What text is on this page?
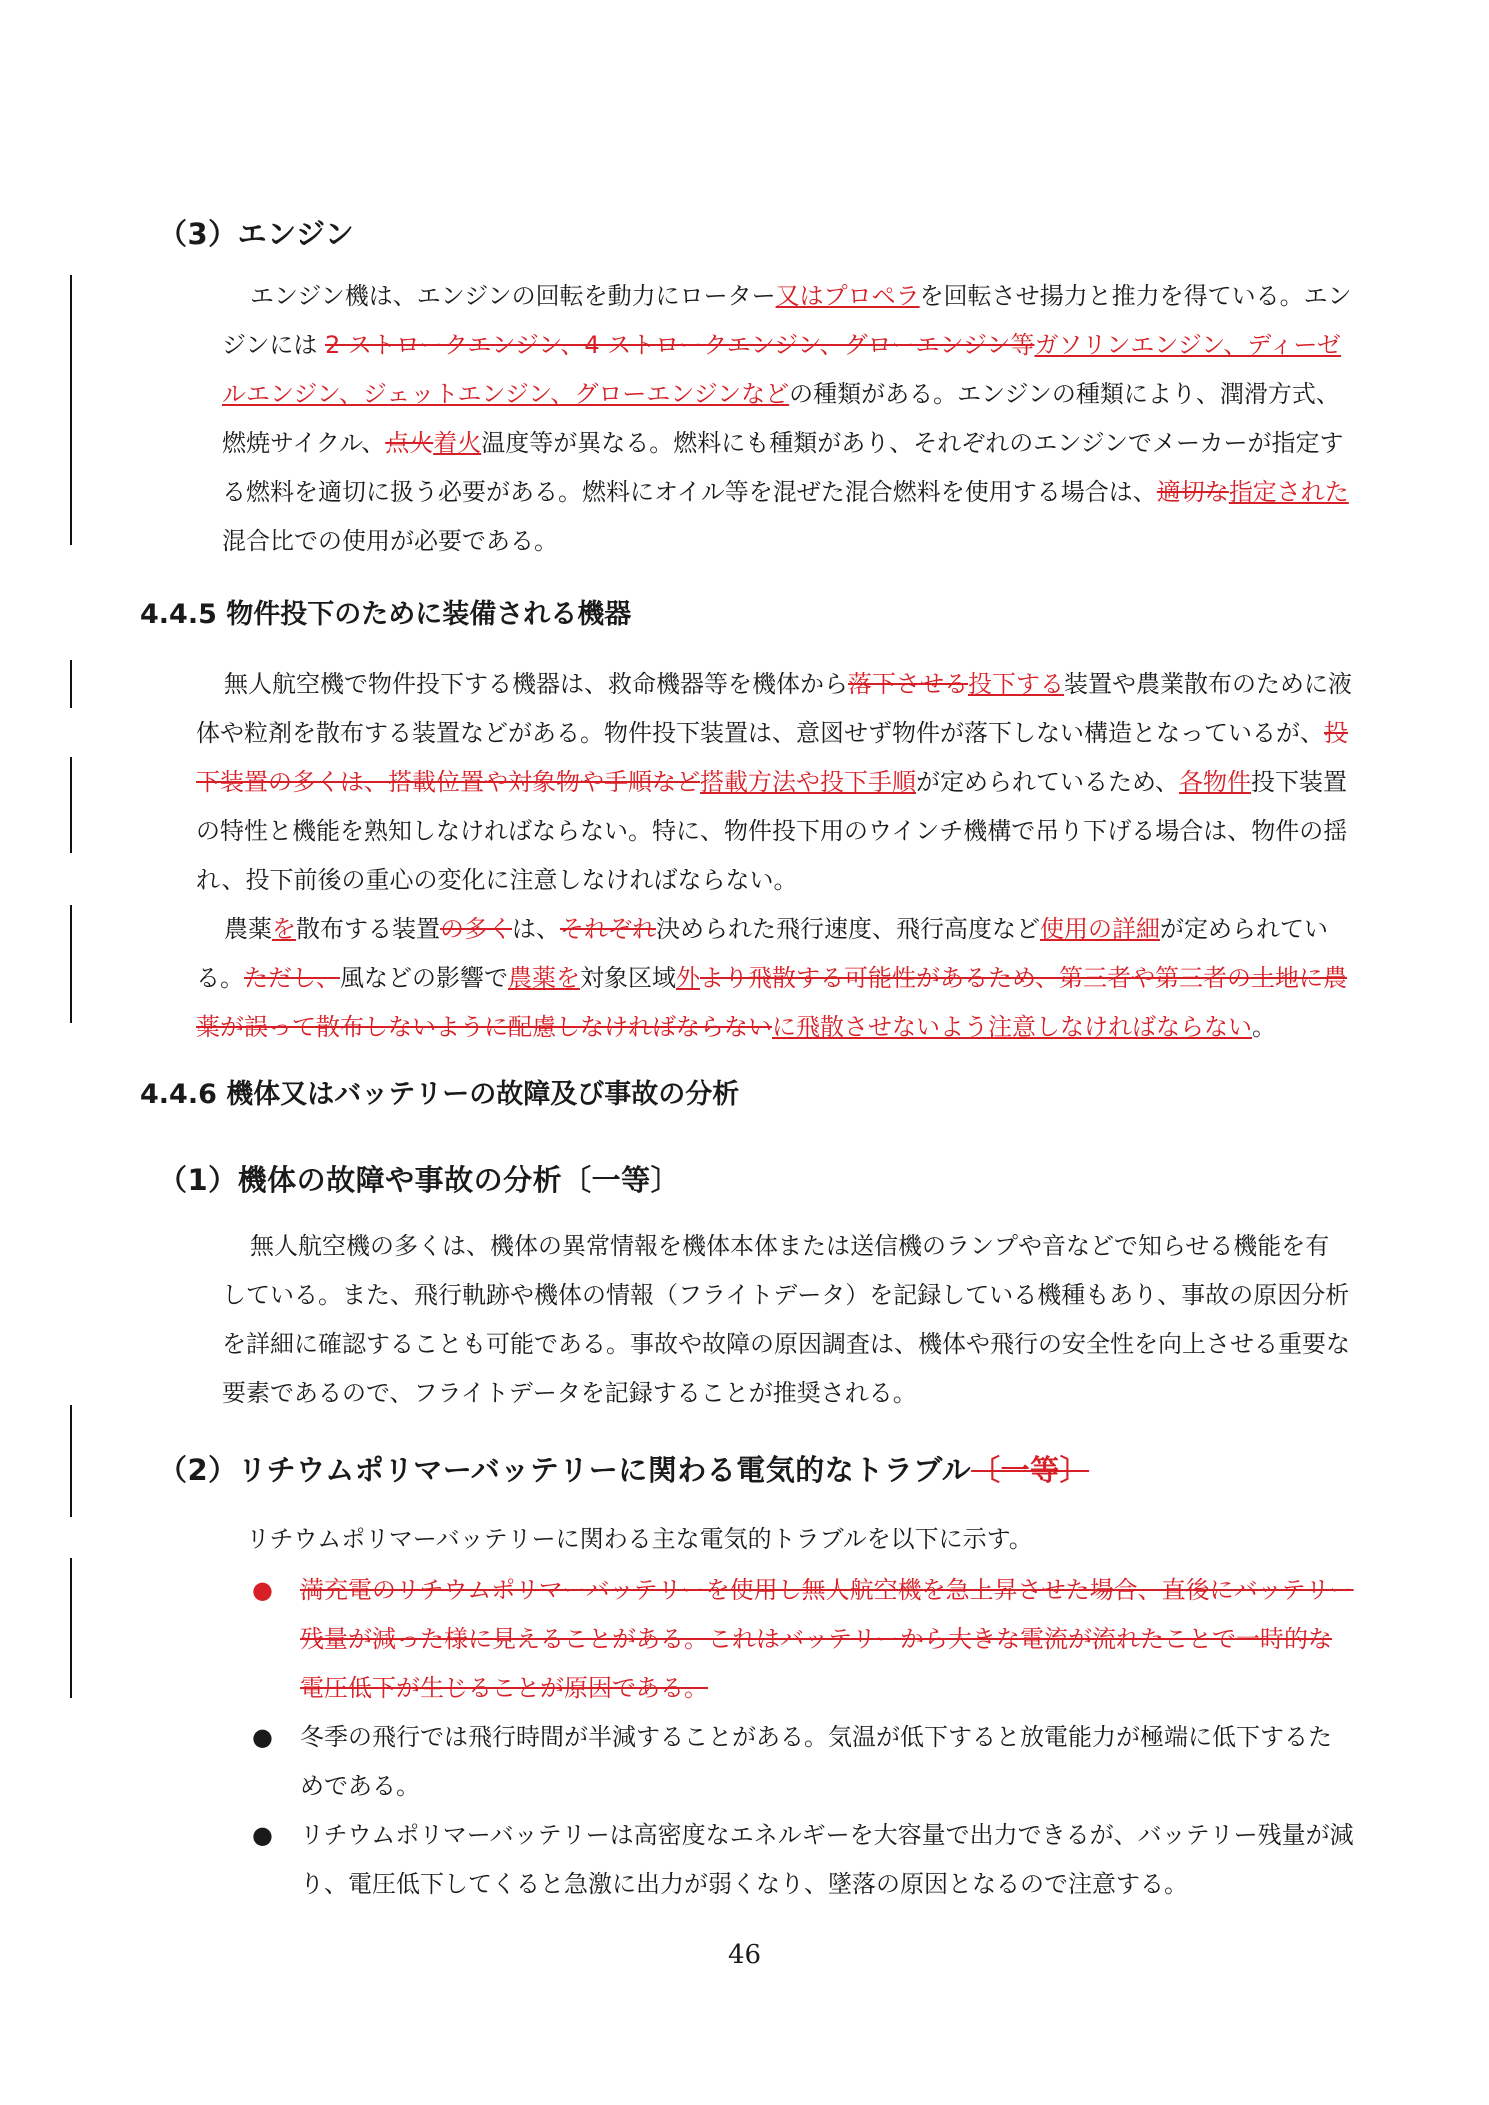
（3）エンジン

エンジン機は、エンジンの回転を動力にローター又はプロペラを回転させ揚力と推力を得ている。エンジンには 2 ストロークエンジン、4 ストロークエンジン、グローエンジン等ガソリンエンジン、ディーゼルエンジン、ジェットエンジン、グローエンジンなどの種類がある。エンジンの種類により、潤滑方式、燃焼サイクル、点火着火温度等が異なる。燃料にも種類があり、それぞれのエンジンでメーカーが指定する燃料を適切に扱う必要がある。燃料にオイル等を混ぜた混合燃料を使用する場合は、適切な指定された混合比での使用が必要である。

4.4.5 物件投下のために装備される機器

無人航空機で物件投下する機器は、救命機器等を機体から落下させる投下する装置や農業散布のために液体や粒剤を散布する装置などがある。物件投下装置は、意図せず物件が落下しない構造となっているが、投下装置の多くは、搭載位置や対象物や手順など搭載方法や投下手順が定められているため、各物件投下装置の特性と機能を熟知しなければならない。特に、物件投下用のウインチ機構で吊り下げる場合は、物件の揺れ、投下前後の重心の変化に注意しなければならない。

農薬を散布する装置の多くは、それぞれ決められた飛行速度、飛行高度など使用の詳細が定められている。ただし、風などの影響で農薬を対象区域外より飛散する可能性があるため、第三者や第三者の土地に農薬が誤って散布しないように配慮しなければならないに飛散させないよう注意しなければならない。

4.4.6 機体又はバッテリーの故障及び事故の分析
（1）機体の故障や事故の分析〔一等〕

無人航空機の多くは、機体の異常情報を機体本体または送信機のランプや音などで知らせる機能を有している。また、飛行軌跡や機体の情報（フライトデータ）を記録している機種もあり、事故の原因分析を詳細に確認することも可能である。事故や故障の原因調査は、機体や飛行の安全性を向上させる重要な要素であるので、フライトデータを記録することが推奨される。

（2）リチウムポリマーバッテリーに関わる電気的なトラブル〔一等〕

リチウムポリマーバッテリーに関わる主な電気的トラブルを以下に示す。

● 満充電のリチウムポリマーバッテリーを使用し無人航空機を急上昇させた場合、直後にバッテリー残量が減った様に見えることがある。これはバッテリーから大きな電流が流れたことで一時的な電圧低下が生じることが原因である。
● 冬季の飛行では飛行時間が半減することがある。気温が低下すると放電能力が極端に低下するためである。
● リチウムポリマーバッテリーは高密度なエネルギーを大容量で出力できるが、バッテリー残量が減り、電圧低下してくると急激に出力が弱くなり、墜落の原因となるので注意する。
46
